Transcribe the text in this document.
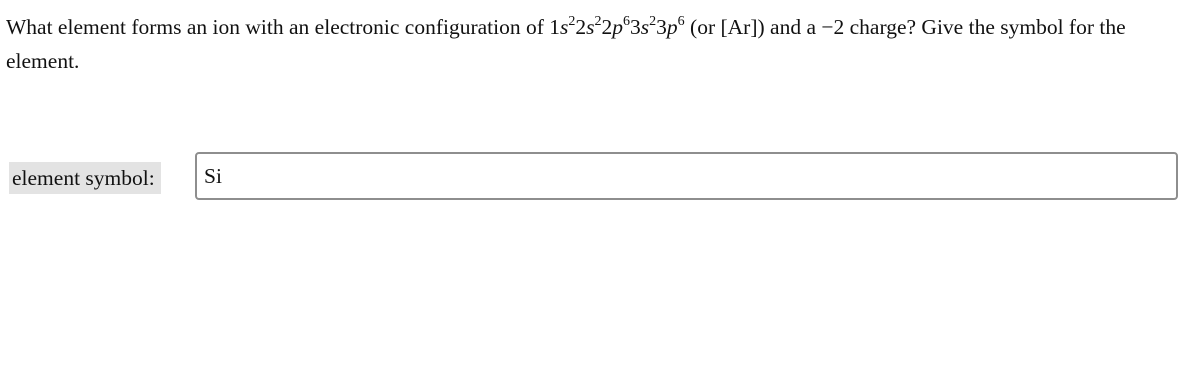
What element forms an ion with an electronic configuration of $1s^22s^22p^63s^23p^6$ (or [Ar]) and a −2 charge? Give the symbol for the element.

element symbol:
Si
